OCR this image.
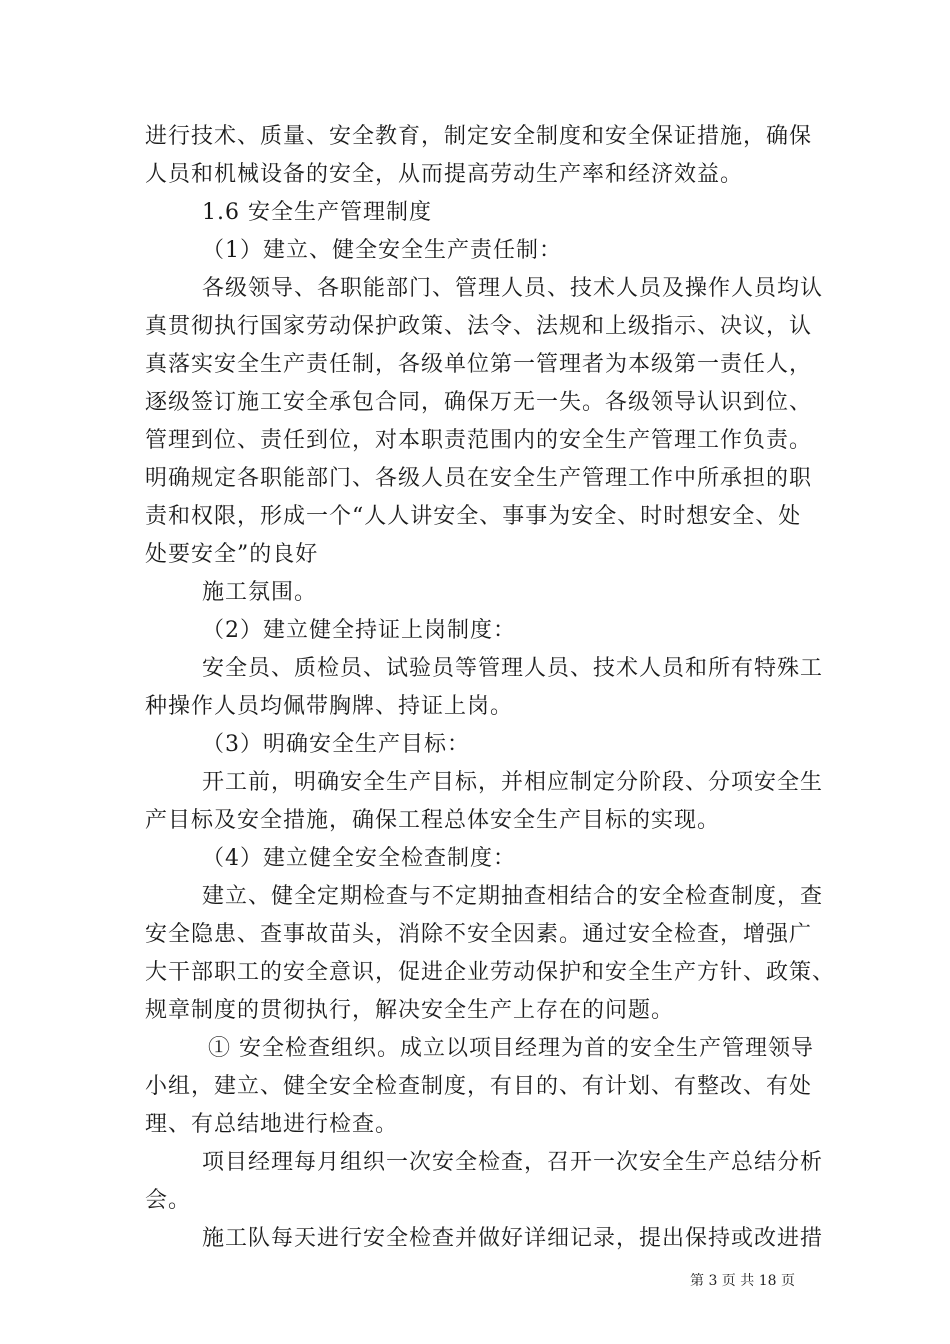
进行技术、质量、安全教育，制定安全制度和安全保证措施，确保
人员和机械设备的安全，从而提高劳动生产率和经济效益。
1.6 安全生产管理制度
（1）建立、健全安全生产责任制：
各级领导、各职能部门、管理人员、技术人员及操作人员均认
真贯彻执行国家劳动保护政策、法令、法规和上级指示、决议，认
真落实安全生产责任制，各级单位第一管理者为本级第一责任人，
逐级签订施工安全承包合同，确保万无一失。各级领导认识到位、
管理到位、责任到位，对本职责范围内的安全生产管理工作负责。
明确规定各职能部门、各级人员在安全生产管理工作中所承担的职
责和权限，形成一个“人人讲安全、事事为安全、时时想安全、处
处要安全”的良好
施工氛围。
（2）建立健全持证上岗制度：
安全员、质检员、试验员等管理人员、技术人员和所有特殊工
种操作人员均佩带胸牌、持证上岗。
（3）明确安全生产目标：
开工前，明确安全生产目标，并相应制定分阶段、分项安全生
产目标及安全措施，确保工程总体安全生产目标的实现。
（4）建立健全安全检查制度：
建立、健全定期检查与不定期抽查相结合的安全检查制度，查
安全隐患、查事故苗头，消除不安全因素。通过安全检查，增强广
大干部职工的安全意识，促进企业劳动保护和安全生产方针、政策、
规章制度的贯彻执行，解决安全生产上存在的问题。
① 安全检查组织。成立以项目经理为首的安全生产管理领导
小组，建立、健全安全检查制度，有目的、有计划、有整改、有处
理、有总结地进行检查。
项目经理每月组织一次安全检查，召开一次安全生产总结分析
会。
施工队每天进行安全检查并做好详细记录，提出保持或改进措
第 3 页 共 18 页
